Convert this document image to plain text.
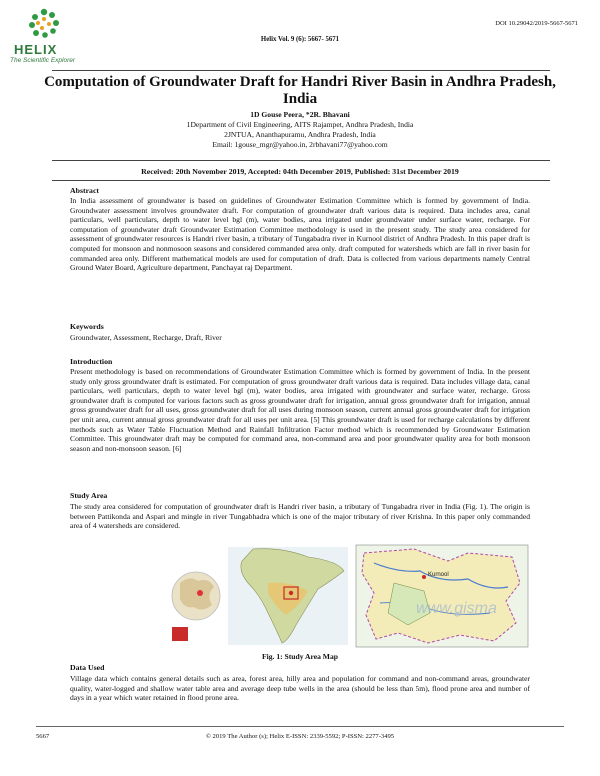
HELIX
The Scientific Explorer
DOI 10.29042/2019-5667-5671
Helix Vol. 9 (6): 5667- 5671
Computation of Groundwater Draft for Handri River Basin in Andhra Pradesh, India
1D Gouse Peera, *2R. Bhavani
1Department of Civil Engineering, AITS Rajampet, Andhra Pradesh, India
2JNTUA, Ananthapuramu, Andhra Pradesh, India
Email: 1gouse_mgr@yahoo.in, 2rbhavani77@yahoo.com
Received: 20th November 2019, Accepted: 04th December 2019, Published: 31st December 2019
Abstract
In India assessment of groundwater is based on guidelines of Groundwater Estimation Committee which is formed by government of India. Groundwater assessment involves groundwater draft. For computation of groundwater draft various data is required. Data includes area, canal particulars, well particulars, depth to water level bgl (m), water bodies, area irrigated under groundwater under surface water, recharge. For computation of groundwater draft Groundwater Estimation Committee methodology is used in the present study. The study area considered for assessment of groundwater resources is Handri river basin, a tributary of Tungabadra river in Kurnool district of Andhra Pradesh. In this paper draft is computed for monsoon and nonmosoon seasons and considered commanded area only. draft computed for watersheds which are fall in river basin for commanded area only. Different mathematical models are used for computation of draft. Data is collected from various departments namely Central Ground Water Board, Agriculture department, Panchayat raj Department.
Keywords
Groundwater, Assessment, Recharge, Draft, River
Introduction
Present methodology is based on recommendations of Groundwater Estimation Committee which is formed by government of India. In the present study only gross groundwater draft is estimated. For computation of gross groundwater draft various data is required. Data includes village data, canal particulars, well particulars, depth to water level bgl (m), water bodies, area irrigated with groundwater and surface water, recharge. Gross groundwater draft is computed for various factors such as gross groundwater draft for irrigation, annual gross groundwater draft for irrigation, annual gross groundwater draft for all uses, gross groundwater draft for all uses during monsoon season, current annual gross groundwater draft for irrigation per unit area, current annual gross groundwater draft for all uses per unit area. [5] This groundwater draft is used for recharge calculations by different methods such as Water Table Fluctuation Method and Rainfall Infiltration Factor method which is recommended by Groundwater Estimation Committee. This groundwater draft may be computed for command area, non-command area and poor groundwater quality area for both monsoon season and non-monsoon season. [6]
Study Area
The study area considered for computation of groundwater draft is Handri river basin, a tributary of Tungabadra river in India (Fig. 1). The origin is between Pattikonda and Aspari and mingle in river Tungabhadra which is one of the major tributary of river Krishna. In this paper only commanded area of 4 watersheds are considered.
Kurnool
www.gisma
Fig. 1: Study Area Map
Data Used
Village data which contains general details such as area, forest area, hilly area and population for command and non-command areas, groundwater quality, water-logged and shallow water table area and average deep tube wells in the area (should be less than 5m), flood prone area and number of days in a year which water retained in flood prone area.
5667	© 2019 The Author (s); Helix E-ISSN: 2339-5592; P-ISSN: 2277-3495
